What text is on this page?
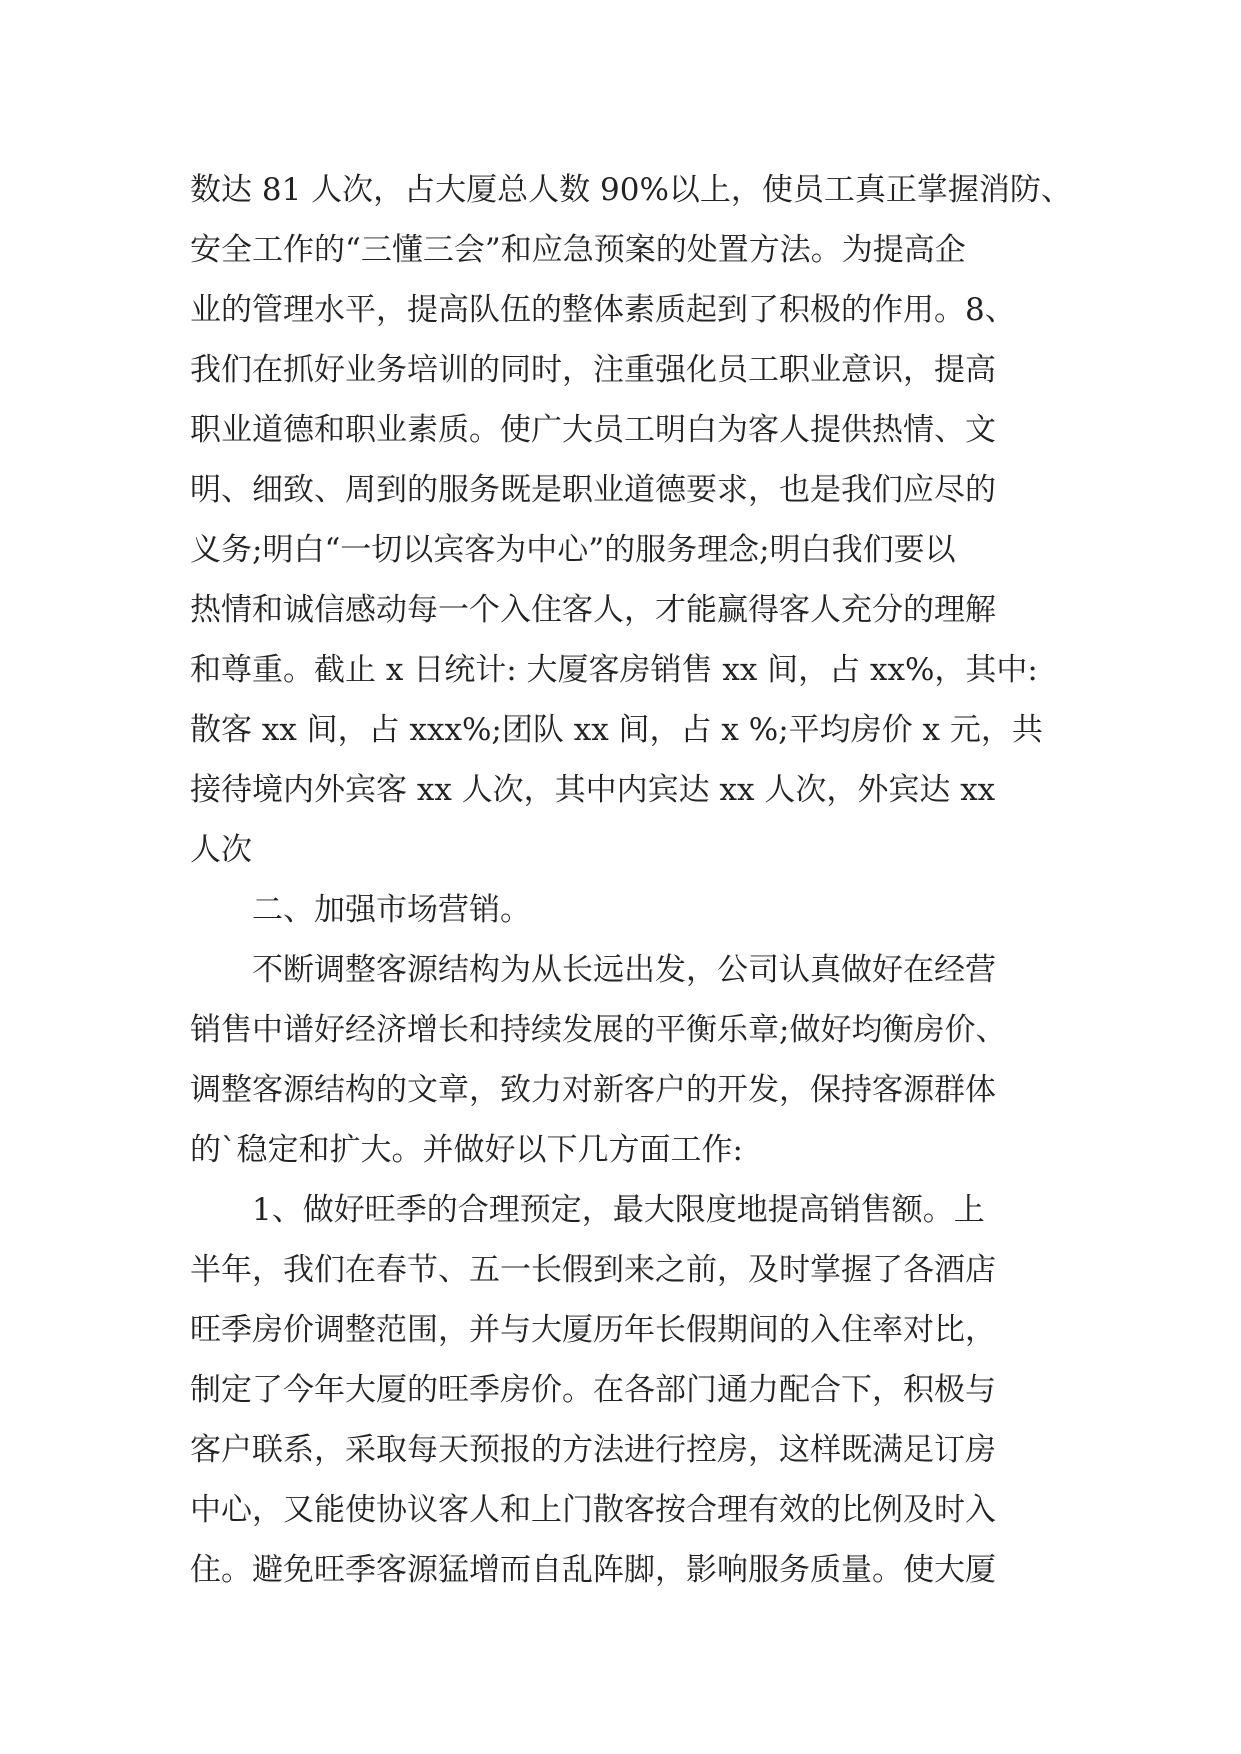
数达 81 人次，占大厦总人数 90%以上，使员工真正掌握消防、
安全工作的“三懂三会”和应急预案的处置方法。为提高企
业的管理水平，提高队伍的整体素质起到了积极的作用。8、
我们在抓好业务培训的同时，注重强化员工职业意识，提高
职业道德和职业素质。使广大员工明白为客人提供热情、文
明、细致、周到的服务既是职业道德要求，也是我们应尽的
义务;明白“一切以宾客为中心”的服务理念;明白我们要以
热情和诚信感动每一个入住客人，才能赢得客人充分的理解
和尊重。截止 x 日统计: 大厦客房销售 xx 间，占 xx%，其中:
散客 xx 间，占 xxx%;团队 xx 间，占 x %;平均房价 x 元，共
接待境内外宾客 xx 人次，其中内宾达 xx 人次，外宾达 xx
人次
二、加强市场营销。
不断调整客源结构为从长远出发，公司认真做好在经营
销售中谱好经济增长和持续发展的平衡乐章;做好均衡房价、
调整客源结构的文章，致力对新客户的开发，保持客源群体
的`稳定和扩大。并做好以下几方面工作:
1、做好旺季的合理预定，最大限度地提高销售额。上
半年，我们在春节、五一长假到来之前，及时掌握了各酒店
旺季房价调整范围，并与大厦历年长假期间的入住率对比，
制定了今年大厦的旺季房价。在各部门通力配合下，积极与
客户联系，采取每天预报的方法进行控房，这样既满足订房
中心，又能使协议客人和上门散客按合理有效的比例及时入
住。避免旺季客源猛增而自乱阵脚，影响服务质量。使大厦
